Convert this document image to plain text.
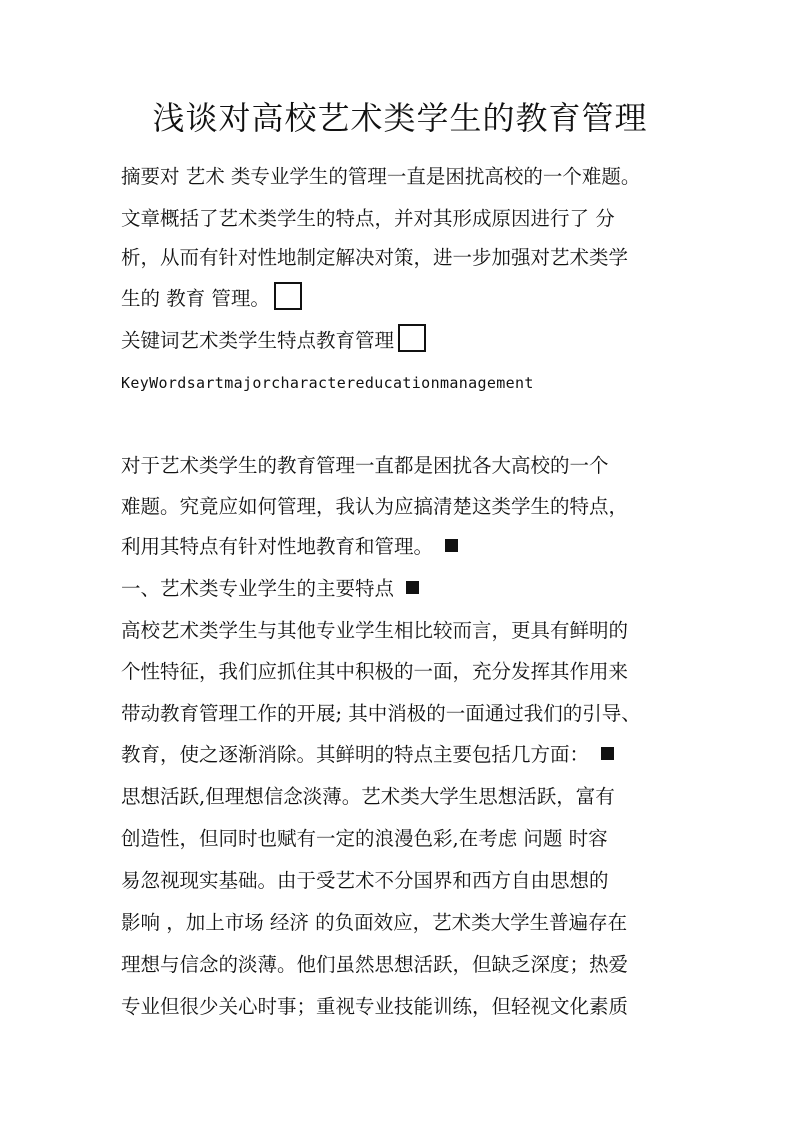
浅谈对高校艺术类学生的教育管理
摘要对 艺术 类专业学生的管理一直是困扰高校的一个难题。
文章概括了艺术类学生的特点，并对其形成原因进行了 分
析，从而有针对性地制定解决对策，进一步加强对艺术类学
生的 教育 管理。
关键词艺术类学生特点教育管理
KeyWordsartmajorcharactereducationmanagement
对于艺术类学生的教育管理一直都是困扰各大高校的一个
难题。究竟应如何管理，我认为应搞清楚这类学生的特点，
利用其特点有针对性地教育和管理。
一、艺术类专业学生的主要特点
高校艺术类学生与其他专业学生相比较而言，更具有鲜明的
个性特征，我们应抓住其中积极的一面，充分发挥其作用来
带动教育管理工作的开展; 其中消极的一面通过我们的引导、
教育，使之逐渐消除。其鲜明的特点主要包括几方面：
思想活跃,但理想信念淡薄。艺术类大学生思想活跃，富有
创造性，但同时也赋有一定的浪漫色彩,在考虑 问题 时容
易忽视现实基础。由于受艺术不分国界和西方自由思想的
影响 ，加上市场 经济 的负面效应，艺术类大学生普遍存在
理想与信念的淡薄。他们虽然思想活跃，但缺乏深度；热爱
专业但很少关心时事；重视专业技能训练，但轻视文化素质
